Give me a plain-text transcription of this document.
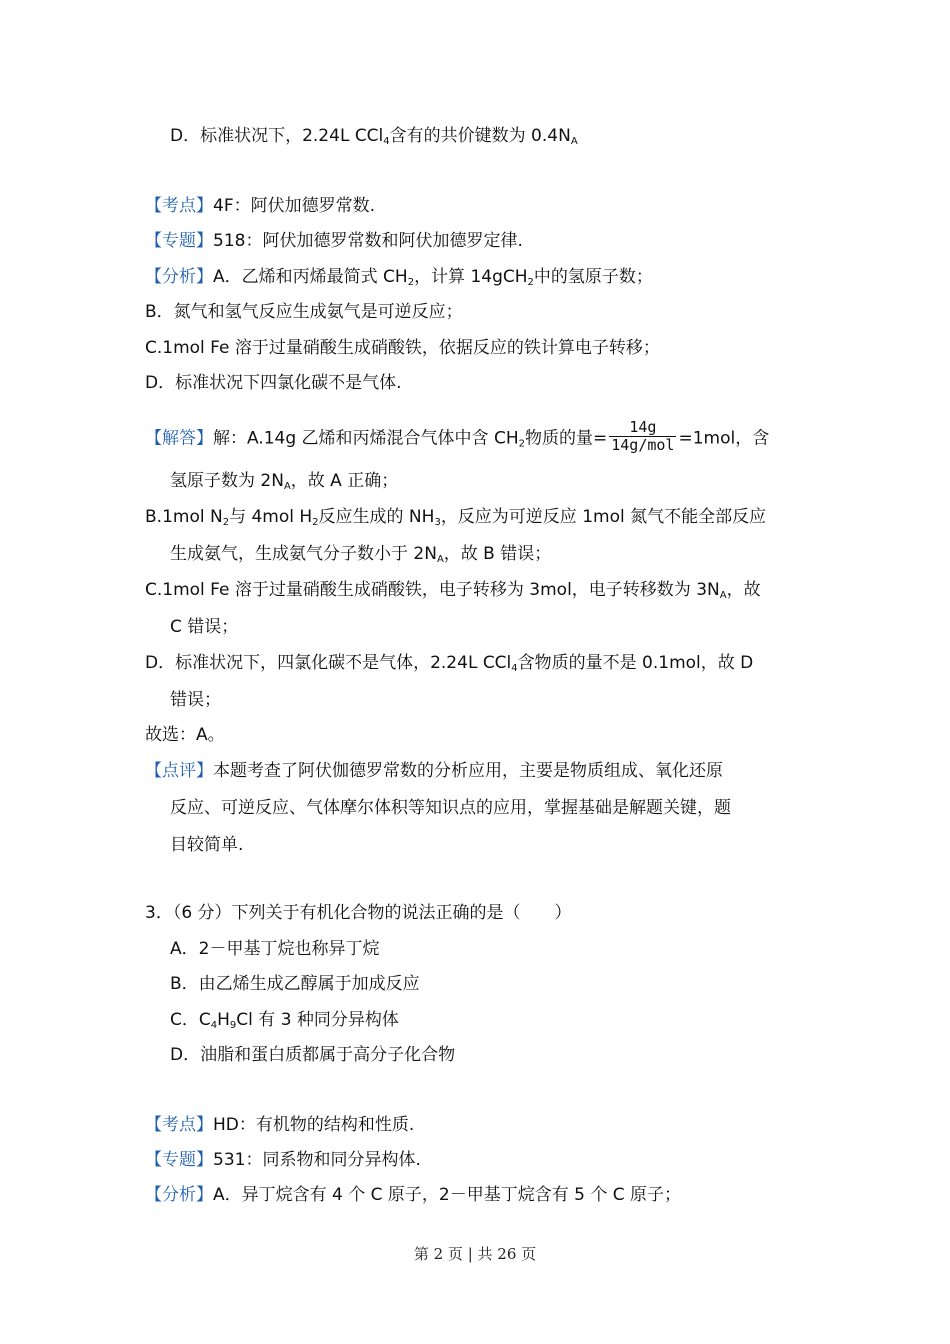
D．标准状况下，2.24L CCl$_4$含有的共价键数为 $0.4N_A$
【考点】4F：阿伏加德罗常数.
【专题】518：阿伏加德罗常数和阿伏加德罗定律.
【分析】A．乙烯和丙烯最简式 $CH_2$，计算 14gCH$_2$中的氢原子数；
B．氮气和氢气反应生成氨气是可逆反应；
C.1mol Fe 溶于过量硝酸生成硝酸铁，依据反应的铁计算电子转移；
D．标准状况下四氯化碳不是气体.
【解答】解：A.14g 乙烯和丙烯混合气体中含 $CH_2$物质的量= $\frac{14g}{\text{14g/mol}} =1mol$，含
氢原子数为 $2N_A$，故 A 正确；
B.1mol $N_2$与 4mol $H_2$反应生成的 $NH_3$，反应为可逆反应 1mol 氮气不能全部反应
生成氨气，生成氨气分子数小于 $2N_A$，故 B 错误；
C.1mol Fe 溶于过量硝酸生成硝酸铁，电子转移为 3mol，电子转移数为 $3N_A$，故
C 错误；
D．标准状况下，四氯化碳不是气体，2.24L CCl$_4$含物质的量不是 0.1mol，故 D
错误；
故选：A。
【点评】本题考查了阿伏伽德罗常数的分析应用，主要是物质组成、氧化还原
反应、可逆反应、气体摩尔体积等知识点的应用，掌握基础是解题关键，题
目较简单.
3．（6 分）下列关于有机化合物的说法正确的是（　　）
A．2－甲基丁烷也称异丁烷
B．由乙烯生成乙醇属于加成反应
C．$C_4H_9Cl$ 有 3 种同分异构体
D．油脂和蛋白质都属于高分子化合物
【考点】HD：有机物的结构和性质.
【专题】531：同系物和同分异构体.
【分析】A．异丁烷含有 4 个 C 原子，2－甲基丁烷含有 5 个 C 原子；
第 2 页 | 共 26 页
